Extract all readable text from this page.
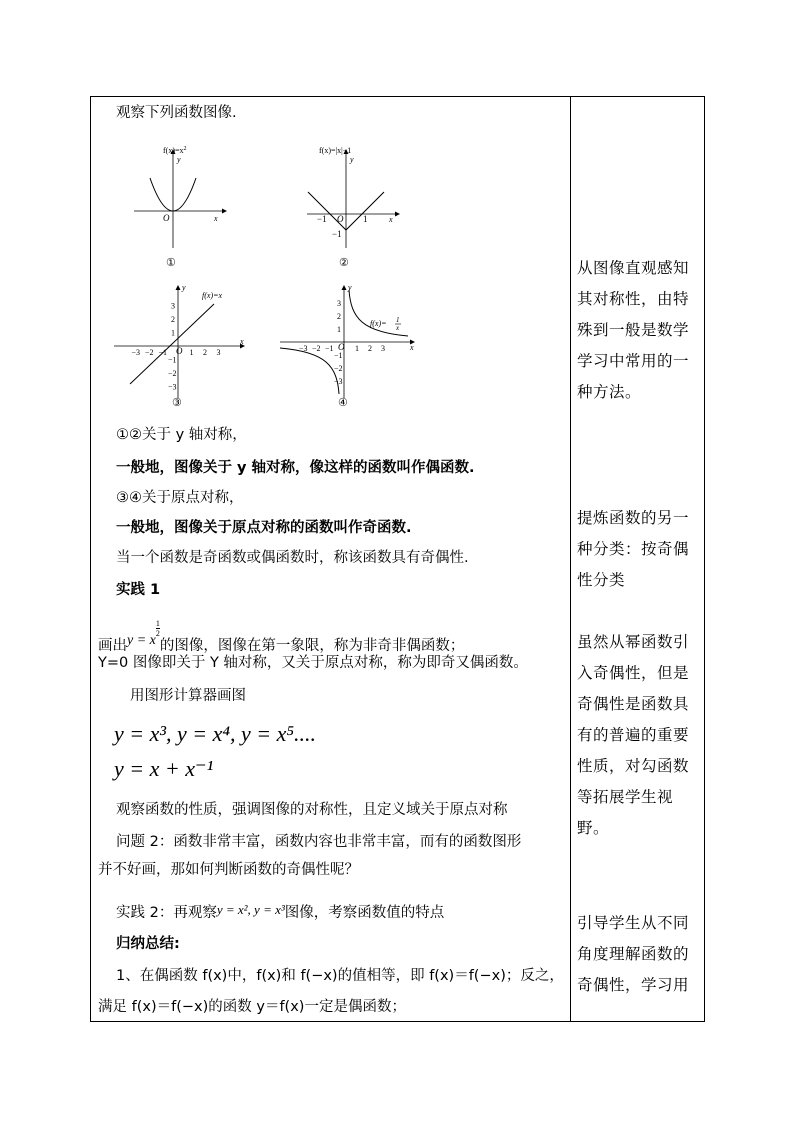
观察下列函数图像.
$f(x)=x^2$
y
x
O
①
f(x)=|x|−1
y
x
O
−1	1
−1
②
f(x)=x
y
x
O
−3 −2 −1	1 2 3
3
2
1
−1
−2
−3
③
f(x)= 1
x
y
x
O
−3 −2 −1	1 2 3
3
2
1
−1
−2
−3
④
①②关于 y 轴对称，
一般地，图像关于 y 轴对称，像这样的函数叫作偶函数.
③④关于原点对称，
一般地，图像关于原点对称的函数叫作奇函数.
当一个函数是奇函数或偶函数时，称该函数具有奇偶性.
实践 1
画出y = x
$\frac{1}{2}$
的图像，图像在第一象限，称为非奇非偶函数；
Y=0 图像即关于 Y 轴对称，又关于原点对称，称为即奇又偶函数。
用图形计算器画图
y = x³, y = x⁴, y = x⁵....
y = x + x⁻¹
观察函数的性质，强调图像的对称性，且定义域关于原点对称
问题 2：函数非常丰富，函数内容也非常丰富，而有的函数图形
并不好画，那如何判断函数的奇偶性呢？
实践 2：再观察y = x², y = x³图像，考察函数值的特点
归纳总结:
1、在偶函数 f(x)中，f(x)和 f(−x)的值相等，即 f(x)＝f(−x)；反之，
满足 f(x)＝f(−x)的函数 y＝f(x)一定是偶函数；
从图像直观感知其对称性，由特殊到一般是数学学习中常用的一种方法。
提炼函数的另一种分类：按奇偶性分类
虽然从幂函数引入奇偶性，但是奇偶性是函数具有的普遍的重要性质，对勾函数等拓展学生视野。
引导学生从不同角度理解函数的奇偶性，学习用
